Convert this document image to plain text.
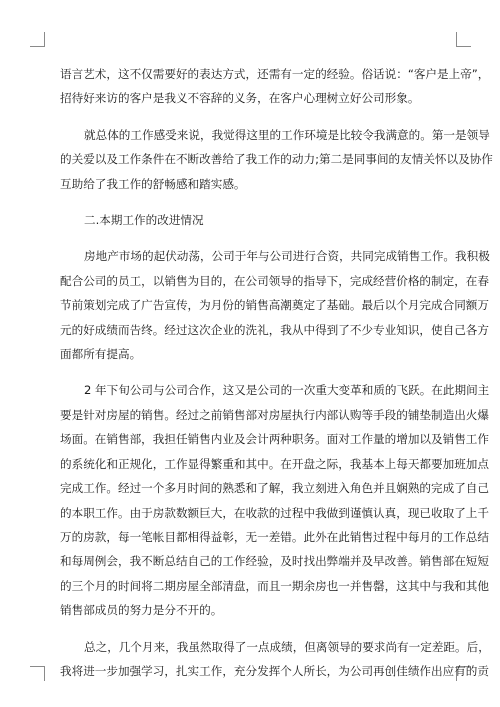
语言艺术，这不仅需要好的表达方式，还需有一定的经验。俗话说：“客户是上帝”，
招待好来访的客户是我义不容辞的义务，在客户心理树立好公司形象。
就总体的工作感受来说，我觉得这里的工作环境是比较令我满意的。第一是领导
的关爱以及工作条件在不断改善给了我工作的动力;第二是同事间的友情关怀以及协作
互助给了我工作的舒畅感和踏实感。
二.本期工作的改进情况
房地产市场的起伏动荡，公司于年与公司进行合资，共同完成销售工作。我积极
配合公司的员工，以销售为目的，在公司领导的指导下，完成经营价格的制定，在春
节前策划完成了广告宣传，为月份的销售高潮奠定了基础。最后以个月完成合同额万
元的好成绩而告终。经过这次企业的洗礼，我从中得到了不少专业知识，使自己各方
面都所有提高。
2 年下旬公司与公司合作，这又是公司的一次重大变革和质的飞跃。在此期间主
要是针对房屋的销售。经过之前销售部对房屋执行内部认购等手段的铺垫制造出火爆
场面。在销售部，我担任销售内业及会计两种职务。面对工作量的增加以及销售工作
的系统化和正规化，工作显得繁重和其中。在开盘之际，我基本上每天都要加班加点
完成工作。经过一个多月时间的熟悉和了解，我立刻进入角色并且娴熟的完成了自己
的本职工作。由于房款数额巨大，在收款的过程中我做到谨慎认真，现已收取了上千
万的房款，每一笔帐目都相得益彰，无一差错。此外在此销售过程中每月的工作总结
和每周例会，我不断总结自己的工作经验，及时找出弊端并及早改善。销售部在短短
的三个月的时间将二期房屋全部清盘，而且一期余房也一并售罄，这其中与我和其他
销售部成员的努力是分不开的。
总之，几个月来，我虽然取得了一点成绩，但离领导的要求尚有一定差距。后，
我将进一步加强学习，扎实工作，充分发挥个人所长，为公司再创佳绩作出应有的贡
